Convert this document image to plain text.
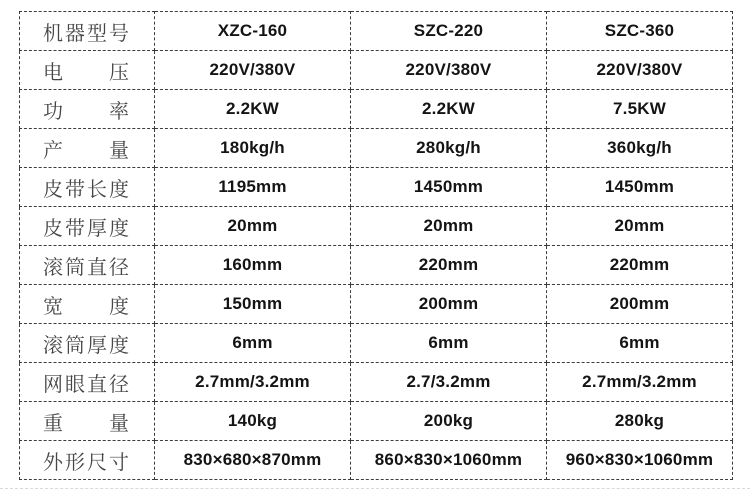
机器型号	XZC-160	SZC-220	SZC-360
电　　压	220V/380V	220V/380V	220V/380V
功　　率	2.2KW	2.2KW	7.5KW
产　　量	180kg/h	280kg/h	360kg/h
皮带长度	1195mm	1450mm	1450mm
皮带厚度	20mm	20mm	20mm
滚筒直径	160mm	220mm	220mm
宽　　度	150mm	200mm	200mm
滚筒厚度	6mm	6mm	6mm
网眼直径	2.7mm/3.2mm	2.7/3.2mm	2.7mm/3.2mm
重　　量	140kg	200kg	280kg
外形尺寸	830×680×870mm	860×830×1060mm	960×830×1060mm
